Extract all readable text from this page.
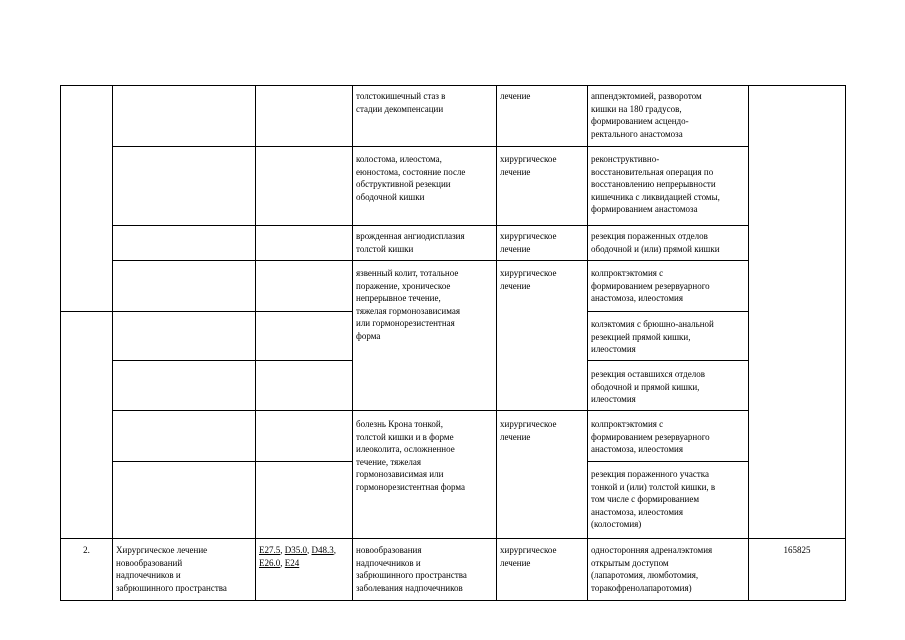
толстокишечный стаз в
стадии декомпенсации
лечение	аппендэктомией, разворотом
кишки на 180 градусов,
формированием асцендо-
ректального анастомоза
колостома, илеостома,
еюностома, состояние после
обструктивной резекции
ободочной кишки
хирургическое
лечение
реконструктивно-
восстановительная операция по
восстановлению непрерывности
кишечника с ликвидацией стомы,
формированием анастомоза
врожденная ангиодисплазия
толстой кишки
хирургическое
лечение
резекция пораженных отделов
ободочной и (или) прямой кишки
язвенный колит, тотальное
поражение, хроническое
непрерывное течение,
тяжелая гормонозависимая
или гормонорезистентная
форма
хирургическое
лечение
колпроктэктомия с
формированием резервуарного
анастомоза, илеостомия
колэктомия с брюшно-анальной
резекцией прямой кишки,
илеостомия
резекция оставшихся отделов
ободочной и прямой кишки,
илеостомия
болезнь Крона тонкой,
толстой кишки и в форме
илеоколита, осложненное
течение, тяжелая
гормонозависимая или
гормонорезистентная форма
хирургическое
лечение
колпроктэктомия с
формированием резервуарного
анастомоза, илеостомия
резекция пораженного участка
тонкой и (или) толстой кишки, в
том числе с формированием
анастомоза, илеостомия
(колостомия)
2.	Хирургическое лечение
новообразований
надпочечников и
забрюшинного пространства
E27.5, D35.0, D48.3, E26.0, E24
новообразования
надпочечников и
забрюшинного пространства
заболевания надпочечников
хирургическое
лечение
односторонняя адреналэктомия
открытым доступом
(лапаротомия, люмботомия,
торакофренолапаротомия)
165825
